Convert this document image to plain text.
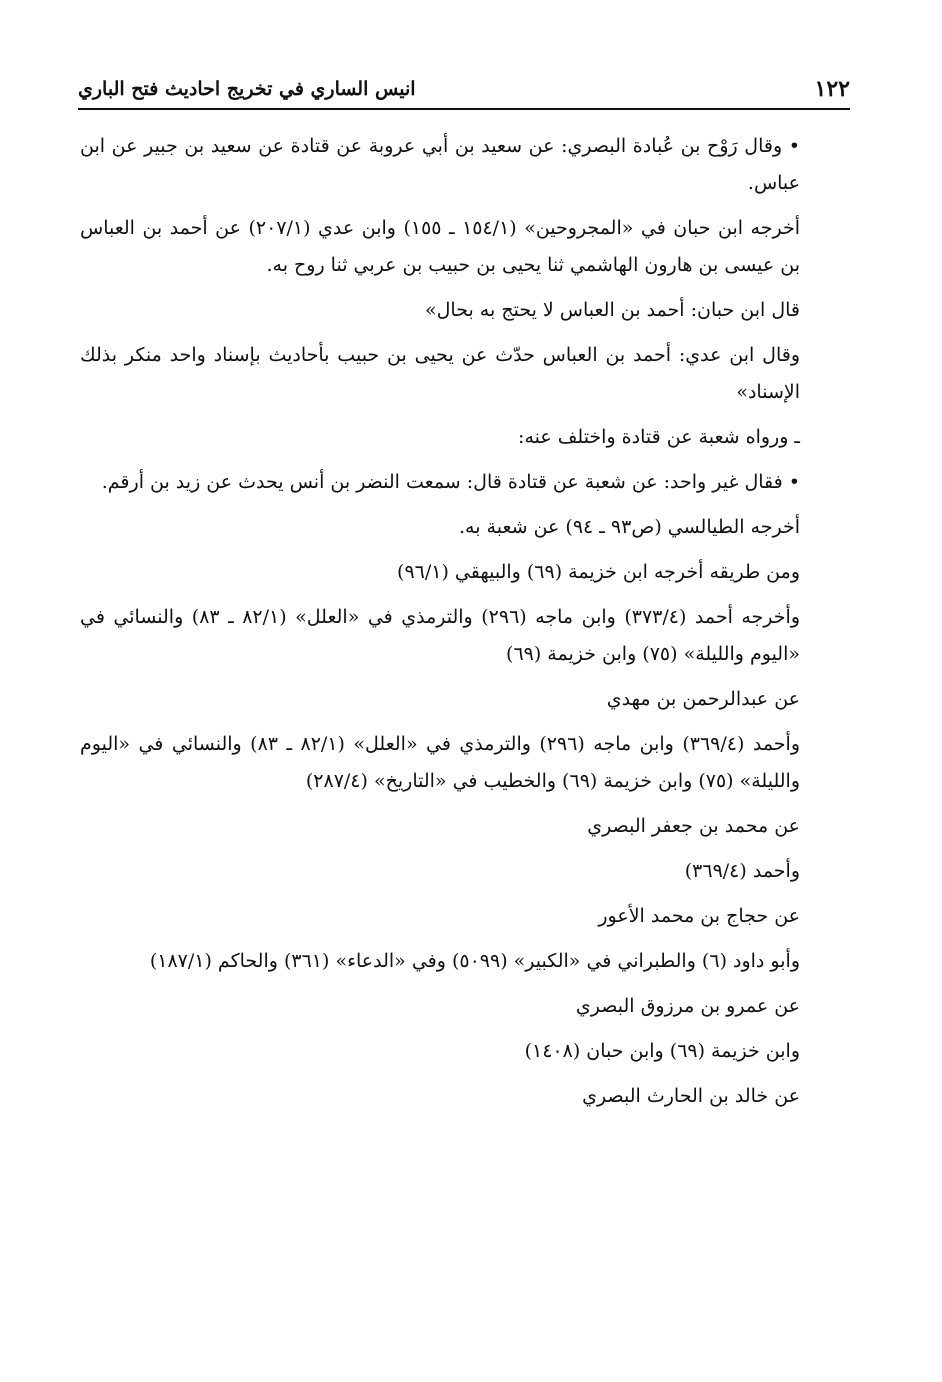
١٢٢
انيس الساري في تخريج احاديث فتح الباري

• وقال رَوْح بن عُبادة البصري: عن سعيد بن أبي عروبة عن قتادة عن سعيد بن جبير عن ابن عباس.

أخرجه ابن حبان في «المجروحين» (١٥٤/١ ـ ١٥٥) وابن عدي (٢٠٧/١) عن أحمد بن العباس بن عيسى بن هارون الهاشمي ثنا يحيى بن حبيب بن عربي ثنا روح به.

قال ابن حبان: أحمد بن العباس لا يحتج به بحال»

وقال ابن عدي: أحمد بن العباس حدّث عن يحيى بن حبيب بأحاديث بإسناد واحد منكر بذلك الإسناد»

ـ ورواه شعبة عن قتادة واختلف عنه:

• فقال غير واحد: عن شعبة عن قتادة قال: سمعت النضر بن أنس يحدث عن زيد بن أرقم.

أخرجه الطيالسي (ص٩٣ ـ ٩٤) عن شعبة به.

ومن طريقه أخرجه ابن خزيمة (٦٩) والبيهقي (٩٦/١)

وأخرجه أحمد (٣٧٣/٤) وابن ماجه (٢٩٦) والترمذي في «العلل» (٨٢/١ ـ ٨٣) والنسائي في «اليوم والليلة» (٧٥) وابن خزيمة (٦٩)

عن عبدالرحمن بن مهدي

وأحمد (٣٦٩/٤) وابن ماجه (٢٩٦) والترمذي في «العلل» (٨٢/١ ـ ٨٣) والنسائي في «اليوم والليلة» (٧٥) وابن خزيمة (٦٩) والخطيب في «التاريخ» (٢٨٧/٤)

عن محمد بن جعفر البصري

وأحمد (٣٦٩/٤)

عن حجاج بن محمد الأعور

وأبو داود (٦) والطبراني في «الكبير» (٥٠٩٩) وفي «الدعاء» (٣٦١) والحاكم (١٨٧/١)

عن عمرو بن مرزوق البصري

وابن خزيمة (٦٩) وابن حبان (١٤٠٨)

عن خالد بن الحارث البصري
